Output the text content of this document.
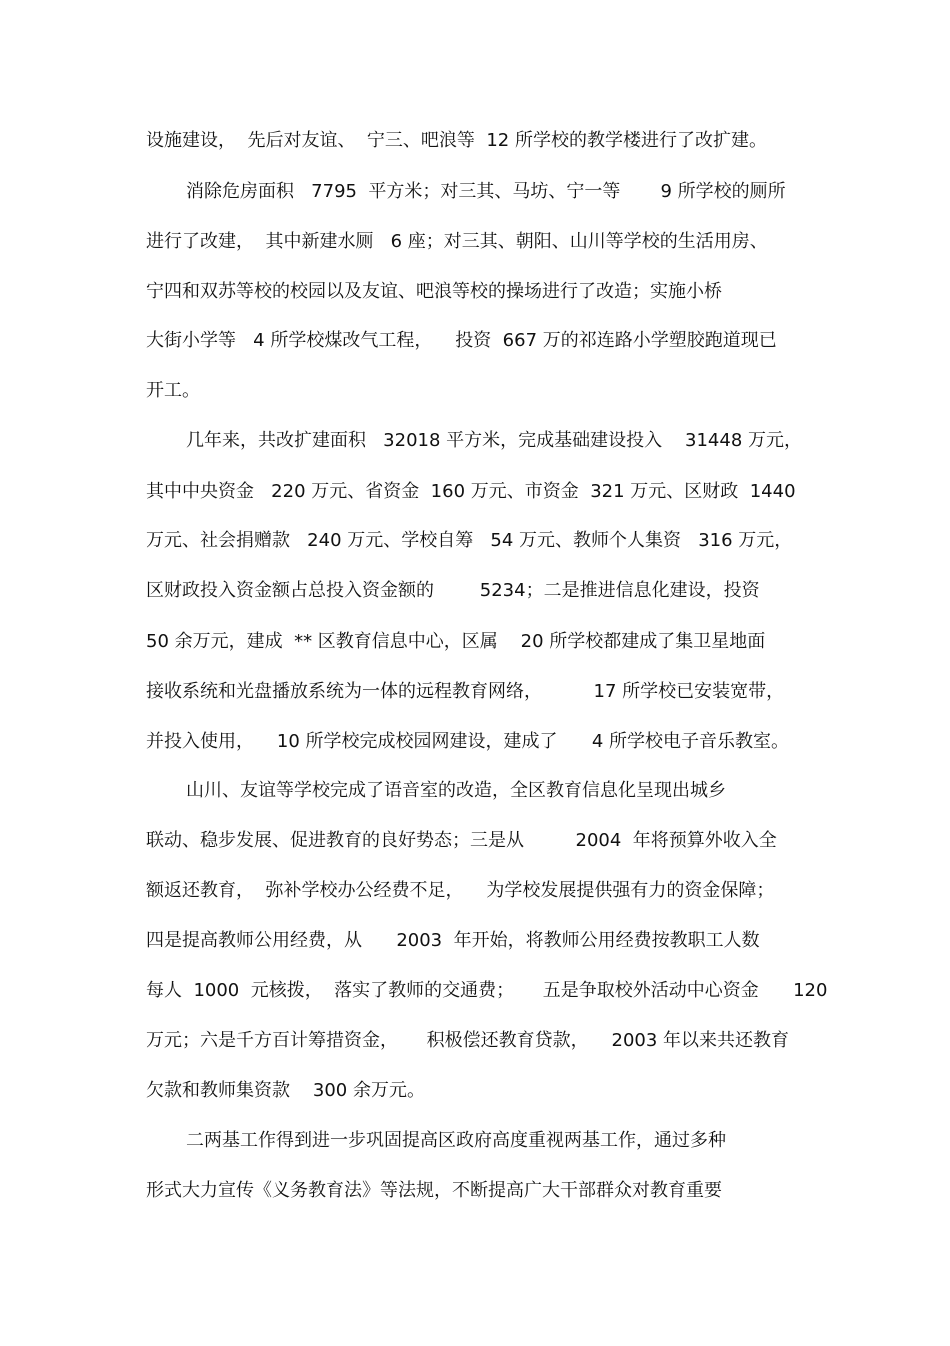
设施建设，  先后对友谊、  宁三、吧浪等  12 所学校的教学楼进行了改扩建。
消除危房面积   7795  平方米；对三其、马坊、宁一等       9 所学校的厕所
进行了改建，  其中新建水厕   6 座；对三其、朝阳、山川等学校的生活用房、
宁四和双苏等校的校园以及友谊、吧浪等校的操场进行了改造；实施小桥
大街小学等   4 所学校煤改气工程，    投资  667 万的祁连路小学塑胶跑道现已
开工。
几年来，共改扩建面积   32018 平方米，完成基础建设投入    31448 万元，
其中中央资金   220 万元、省资金  160 万元、市资金  321 万元、区财政  1440
万元、社会捐赠款   240 万元、学校自筹   54 万元、教师个人集资   316 万元，
区财政投入资金额占总投入资金额的        5234；二是推进信息化建设，投资
50 余万元，建成  ** 区教育信息中心，区属    20 所学校都建成了集卫星地面
接收系统和光盘播放系统为一体的远程教育网络，         17 所学校已安装宽带，
并投入使用，    10 所学校完成校园网建设，建成了      4 所学校电子音乐教室。
山川、友谊等学校完成了语音室的改造，全区教育信息化呈现出城乡
联动、稳步发展、促进教育的良好势态；三是从         2004  年将预算外收入全
额返还教育，  弥补学校办公经费不足，    为学校发展提供强有力的资金保障；
四是提高教师公用经费，从      2003  年开始，将教师公用经费按教职工人数
每人  1000  元核拨，  落实了教师的交通费；     五是争取校外活动中心资金      120
万元；六是千方百计筹措资金，     积极偿还教育贷款，    2003 年以来共还教育
欠款和教师集资款    300 余万元。
二两基工作得到进一步巩固提高区政府高度重视两基工作，通过多种
形式大力宣传《义务教育法》等法规，不断提高广大干部群众对教育重要
